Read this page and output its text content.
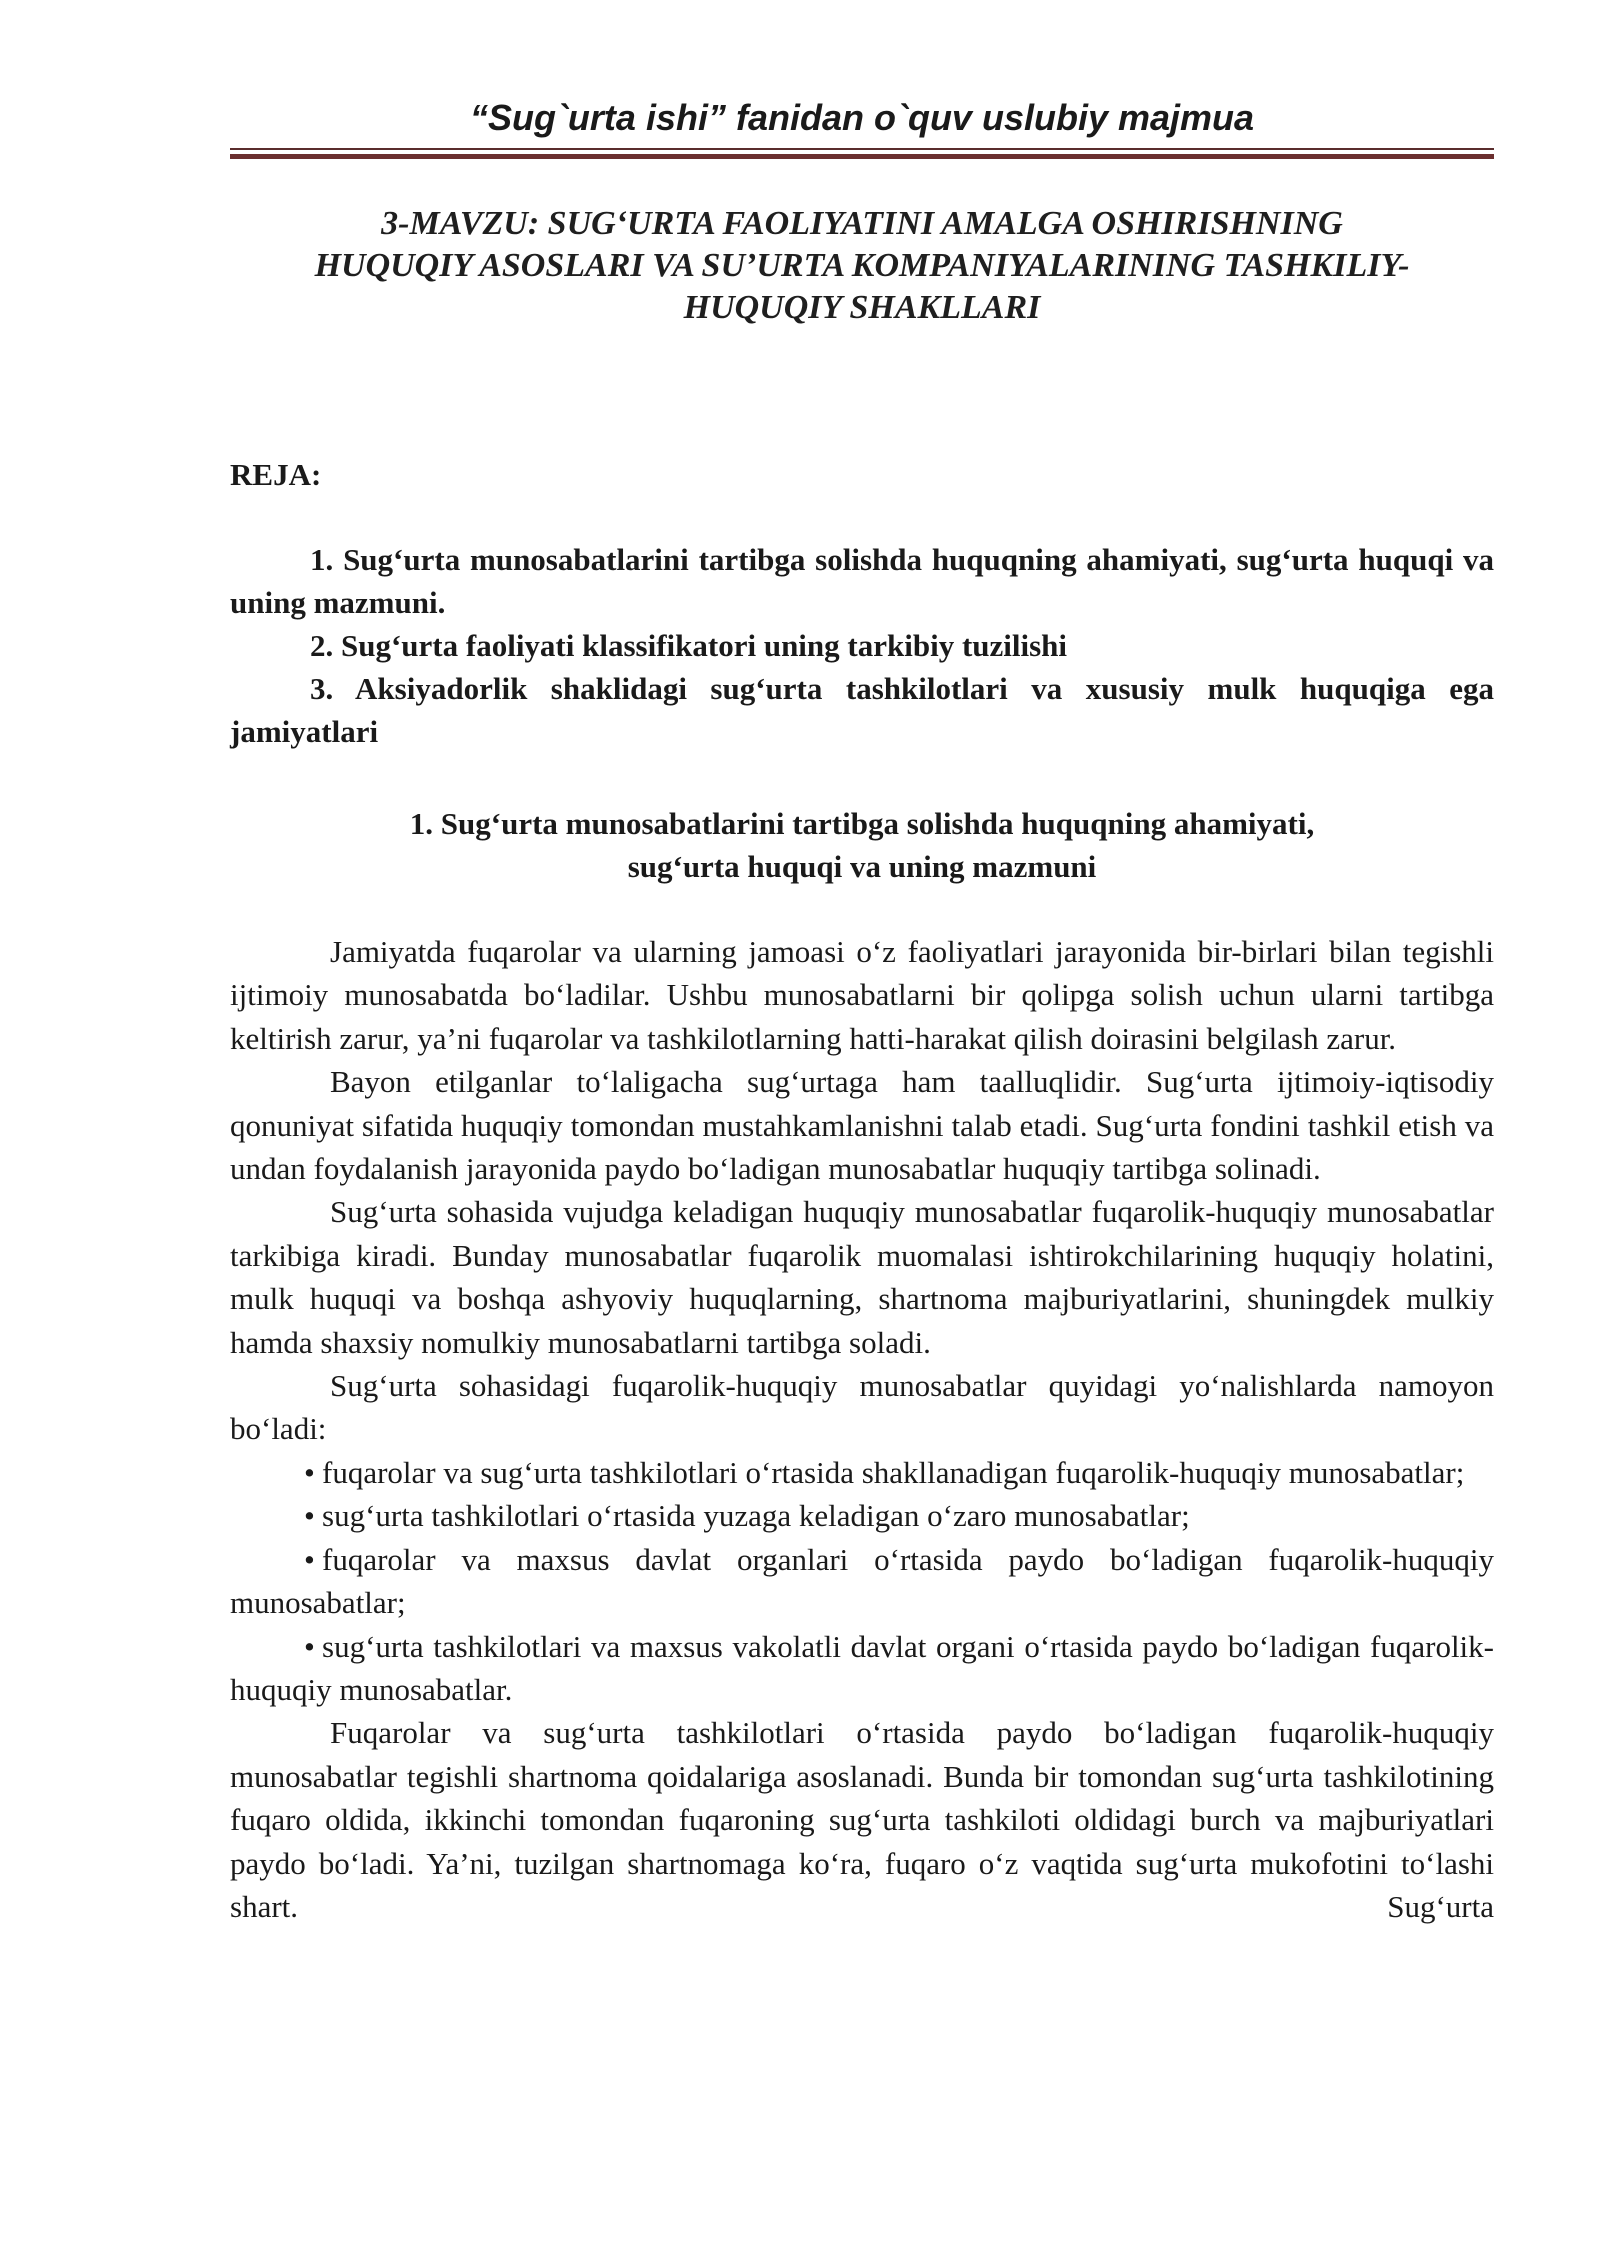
“Sug`urta ishi” fanidan o`quv uslubiy majmua
3-MAVZU: SUG‘URTA FAOLIYATINI AMALGA OSHIRISHNING
HUQUQIY ASOSLARI VA SU’URTA KOMPANIYALARINING TASHKILIY-
HUQUQIY SHAKLLARI
REJA:

1. Sug‘urta munosabatlarini tartibga solishda huquqning ahamiyati, sug‘urta huquqi va uning mazmuni.

2. Sug‘urta faoliyati klassifikatori uning tarkibiy tuzilishi

3. Aksiyadorlik shaklidagi sug‘urta tashkilotlari va xususiy mulk huquqiga ega jamiyatlari

1. Sug‘urta munosabatlarini tartibga solishda huquqning ahamiyati,
sug‘urta huquqi va uning mazmuni

Jamiyatda fuqarolar va ularning jamoasi o‘z faoliyatlari jarayonida bir-birlari bilan tegishli ijtimoiy munosabatda bo‘ladilar. Ushbu munosabatlarni bir qolipga solish uchun ularni tartibga keltirish zarur, ya’ni fuqarolar va tashkilotlarning hatti-harakat qilish doirasini belgilash zarur.

Bayon etilganlar to‘laligacha sug‘urtaga ham taalluqlidir. Sug‘urta ijtimoiy-iqtisodiy qonuniyat sifatida huquqiy tomondan mustahkamlanishni talab etadi. Sug‘urta fondini tashkil etish va undan foydalanish jarayonida paydo bo‘ladigan munosabatlar huquqiy tartibga solinadi.

Sug‘urta sohasida vujudga keladigan huquqiy munosabatlar fuqarolik-huquqiy munosabatlar tarkibiga kiradi. Bunday munosabatlar fuqarolik muomalasi ishtirokchilarining huquqiy holatini, mulk huquqi va boshqa ashyoviy huquqlarning, shartnoma majburiyatlarini, shuningdek mulkiy hamda shaxsiy nomulkiy munosabatlarni tartibga soladi.

Sug‘urta sohasidagi fuqarolik-huquqiy munosabatlar quyidagi yo‘nalishlarda namoyon bo‘ladi:

• fuqarolar va sug‘urta tashkilotlari o‘rtasida shakllanadigan fuqarolik-huquqiy munosabatlar;

• sug‘urta tashkilotlari o‘rtasida yuzaga keladigan o‘zaro munosabatlar;

• fuqarolar va maxsus davlat organlari o‘rtasida paydo bo‘ladigan fuqarolik-huquqiy munosabatlar;

• sug‘urta tashkilotlari va maxsus vakolatli davlat organi o‘rtasida paydo bo‘ladigan fuqarolik-huquqiy munosabatlar.

Fuqarolar va sug‘urta tashkilotlari o‘rtasida paydo bo‘ladigan fuqarolik-huquqiy munosabatlar tegishli shartnoma qoidalariga asoslanadi. Bunda bir tomondan sug‘urta tashkilotining fuqaro oldida, ikkinchi tomondan fuqaroning sug‘urta tashkiloti oldidagi burch va majburiyatlari paydo bo‘ladi. Ya’ni, tuzilgan shartnomaga ko‘ra, fuqaro o‘z vaqtida sug‘urta mukofotini to‘lashi shart. Sug‘urta
